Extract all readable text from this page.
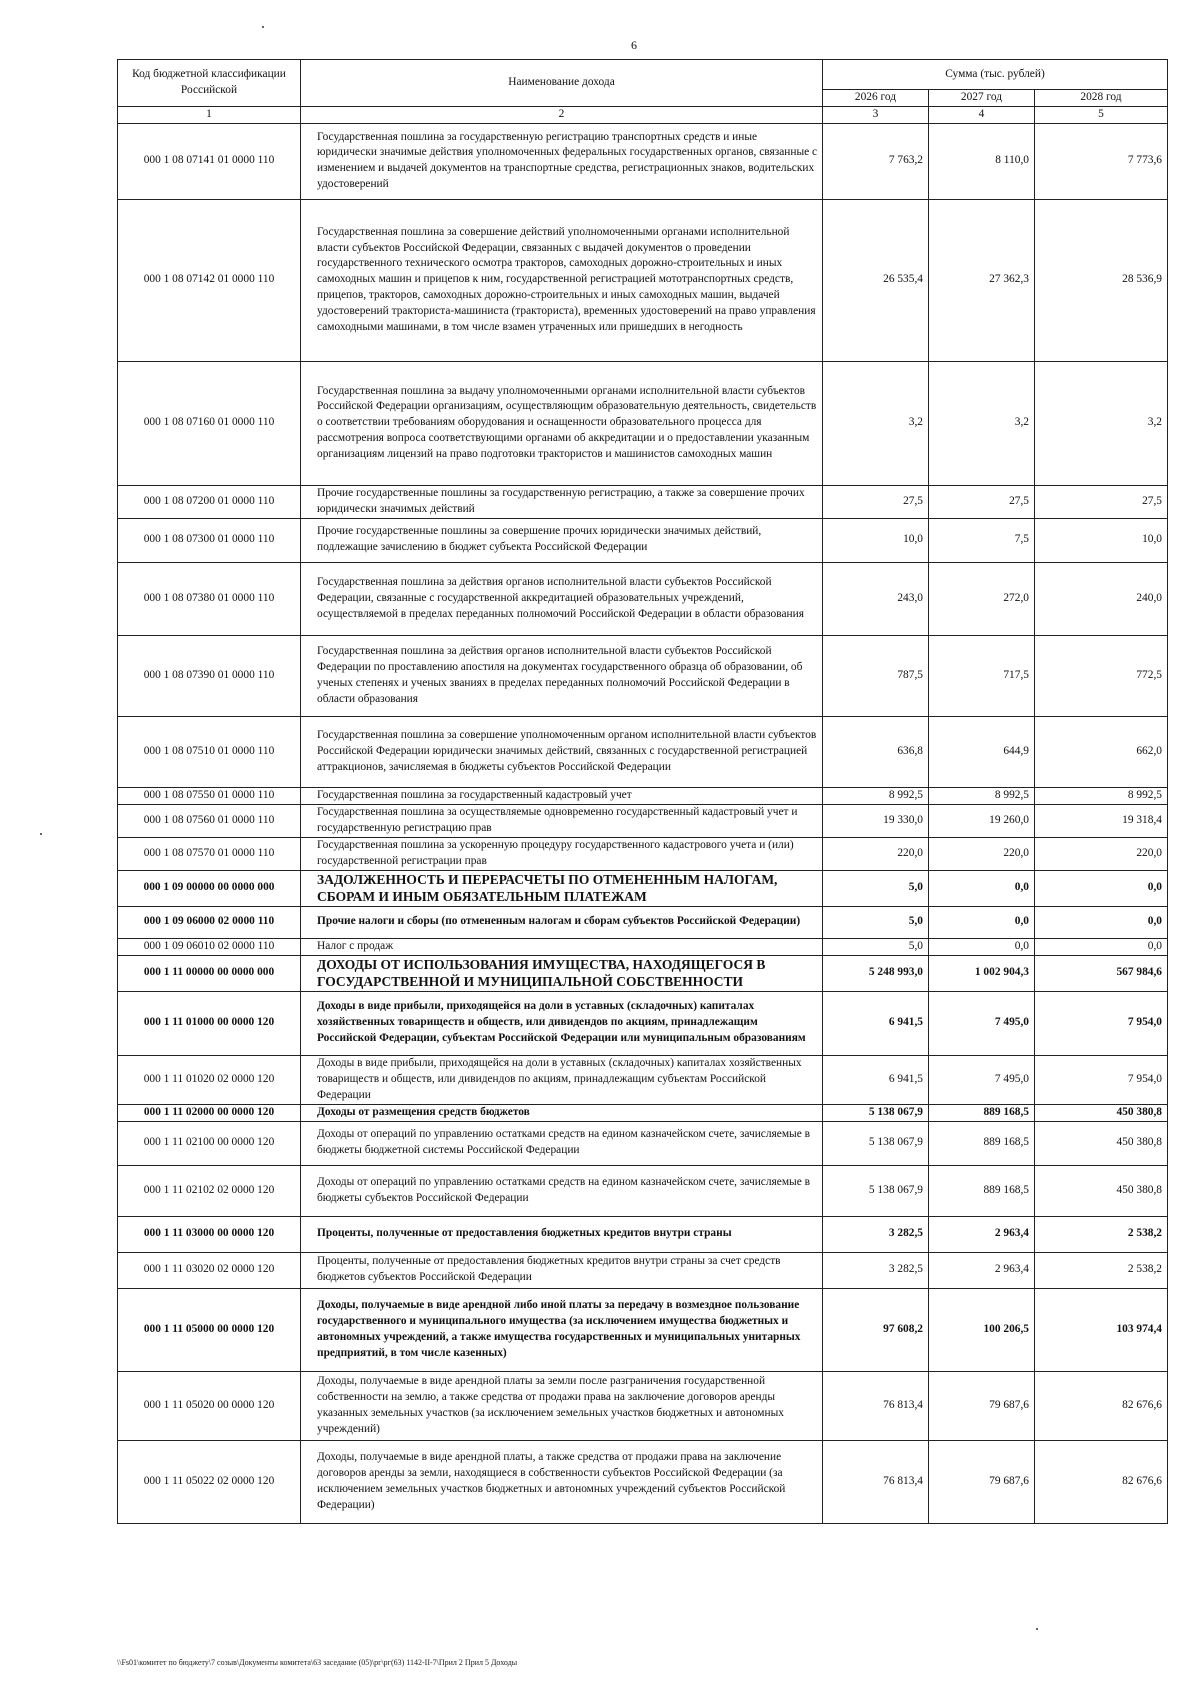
6
Код бюджетной классификации Российской	Наименование дохода	Сумма (тыс. рублей)		
		2026 год	2027 год	2028 год
1	2	3	4	5
000 1 08 07141 01 0000 110	Государственная пошлина за государственную регистрацию транспортных средств и иные юридически значимые действия уполномоченных федеральных государственных органов, связанные с изменением и выдачей документов на транспортные средства, регистрационных знаков, водительских удостоверений	7 763,2	8 110,0	7 773,6
000 1 08 07142 01 0000 110	Государственная пошлина за совершение действий уполномоченными органами исполнительной власти субъектов Российской Федерации, связанных с выдачей документов о проведении государственного технического осмотра тракторов, самоходных дорожно-строительных и иных самоходных машин и прицепов к ним, государственной регистрацией мототранспортных средств, прицепов, тракторов, самоходных дорожно-строительных и иных самоходных машин, выдачей удостоверений тракториста-машиниста (тракториста), временных удостоверений на право управления самоходными машинами, в том числе взамен утраченных или пришедших в негодность	26 535,4	27 362,3	28 536,9
000 1 08 07160 01 0000 110	Государственная пошлина за выдачу уполномоченными органами исполнительной власти субъектов Российской Федерации организациям, осуществляющим образовательную деятельность, свидетельств о соответствии требованиям оборудования и оснащенности образовательного процесса для рассмотрения вопроса соответствующими органами об аккредитации и о предоставлении указанным организациям лицензий на право подготовки трактористов и машинистов самоходных машин	3,2	3,2	3,2
000 1 08 07200 01 0000 110	Прочие государственные пошлины за государственную регистрацию, а также за совершение прочих юридически значимых действий	27,5	27,5	27,5
000 1 08 07300 01 0000 110	Прочие государственные пошлины за совершение прочих юридически значимых действий, подлежащие зачислению в бюджет субъекта Российской Федерации	10,0	7,5	10,0
000 1 08 07380 01 0000 110	Государственная пошлина за действия органов исполнительной власти субъектов Российской Федерации, связанные с государственной аккредитацией образовательных учреждений, осуществляемой в пределах переданных полномочий Российской Федерации в области образования	243,0	272,0	240,0
000 1 08 07390 01 0000 110	Государственная пошлина за действия органов исполнительной власти субъектов Российской Федерации по проставлению апостиля на документах государственного образца об образовании, об ученых степенях и ученых званиях в пределах переданных полномочий Российской Федерации в области образования	787,5	717,5	772,5
000 1 08 07510 01 0000 110	Государственная пошлина за совершение уполномоченным органом исполнительной власти субъектов Российской Федерации юридически значимых действий, связанных с государственной регистрацией аттракционов, зачисляемая в бюджеты субъектов Российской Федерации	636,8	644,9	662,0
000 1 08 07550 01 0000 110	Государственная пошлина за государственный кадастровый учет	8 992,5	8 992,5	8 992,5
000 1 08 07560 01 0000 110	Государственная пошлина за осуществляемые одновременно государственный кадастровый учет и государственную регистрацию прав	19 330,0	19 260,0	19 318,4
000 1 08 07570 01 0000 110	Государственная пошлина за ускоренную процедуру государственного кадастрового учета и (или) государственной регистрации прав	220,0	220,0	220,0
000 1 09 00000 00 0000 000	ЗАДОЛЖЕННОСТЬ И ПЕРЕРАСЧЕТЫ ПО ОТМЕНЕННЫМ НАЛОГАМ, СБОРАМ И ИНЫМ ОБЯЗАТЕЛЬНЫМ ПЛАТЕЖАМ	5,0	0,0	0,0
000 1 09 06000 02 0000 110	Прочие налоги и сборы (по отмененным налогам и сборам субъектов Российской Федерации)	5,0	0,0	0,0
000 1 09 06010 02 0000 110	Налог с продаж	5,0	0,0	0,0
000 1 11 00000 00 0000 000	ДОХОДЫ ОТ ИСПОЛЬЗОВАНИЯ ИМУЩЕСТВА, НАХОДЯЩЕГОСЯ В ГОСУДАРСТВЕННОЙ И МУНИЦИПАЛЬНОЙ СОБСТВЕННОСТИ	5 248 993,0	1 002 904,3	567 984,6
000 1 11 01000 00 0000 120	Доходы в виде прибыли, приходящейся на доли в уставных (складочных) капиталах хозяйственных товариществ и обществ, или дивидендов по акциям, принадлежащим Российской Федерации, субъектам Российской Федерации или муниципальным образованиям	6 941,5	7 495,0	7 954,0
000 1 11 01020 02 0000 120	Доходы в виде прибыли, приходящейся на доли в уставных (складочных) капиталах хозяйственных товариществ и обществ, или дивидендов по акциям, принадлежащим субъектам Российской Федерации	6 941,5	7 495,0	7 954,0
000 1 11 02000 00 0000 120	Доходы от размещения средств бюджетов	5 138 067,9	889 168,5	450 380,8
000 1 11 02100 00 0000 120	Доходы от операций по управлению остатками средств на едином казначейском счете, зачисляемые в бюджеты бюджетной системы Российской Федерации	5 138 067,9	889 168,5	450 380,8
000 1 11 02102 02 0000 120	Доходы от операций по управлению остатками средств на едином казначейском счете, зачисляемые в бюджеты субъектов Российской Федерации	5 138 067,9	889 168,5	450 380,8
000 1 11 03000 00 0000 120	Проценты, полученные от предоставления бюджетных кредитов внутри страны	3 282,5	2 963,4	2 538,2
000 1 11 03020 02 0000 120	Проценты, полученные от предоставления бюджетных кредитов внутри страны за счет средств бюджетов субъектов Российской Федерации	3 282,5	2 963,4	2 538,2
000 1 11 05000 00 0000 120	Доходы, получаемые в виде арендной либо иной платы за передачу в возмездное пользование государственного и муниципального имущества (за исключением имущества бюджетных и автономных учреждений, а также имущества государственных и муниципальных унитарных предприятий, в том числе казенных)	97 608,2	100 206,5	103 974,4
000 1 11 05020 00 0000 120	Доходы, получаемые в виде арендной платы за земли после разграничения государственной собственности на землю, а также средства от продажи права на заключение договоров аренды указанных земельных участков (за исключением земельных участков бюджетных и автономных учреждений)	76 813,4	79 687,6	82 676,6
000 1 11 05022 02 0000 120	Доходы, получаемые в виде арендной платы, а также средства от продажи права на заключение договоров аренды за земли, находящиеся в собственности субъектов Российской Федерации (за исключением земельных участков бюджетных и автономных учреждений субъектов Российской Федерации)	76 813,4	79 687,6	82 676,6
\\Fs01\комитет по бюджету\7 созыв\Документы комитета\63 заседание (05)\рг\рг(63) 1142-II-7\Прил 2 Прил 5 Доходы
